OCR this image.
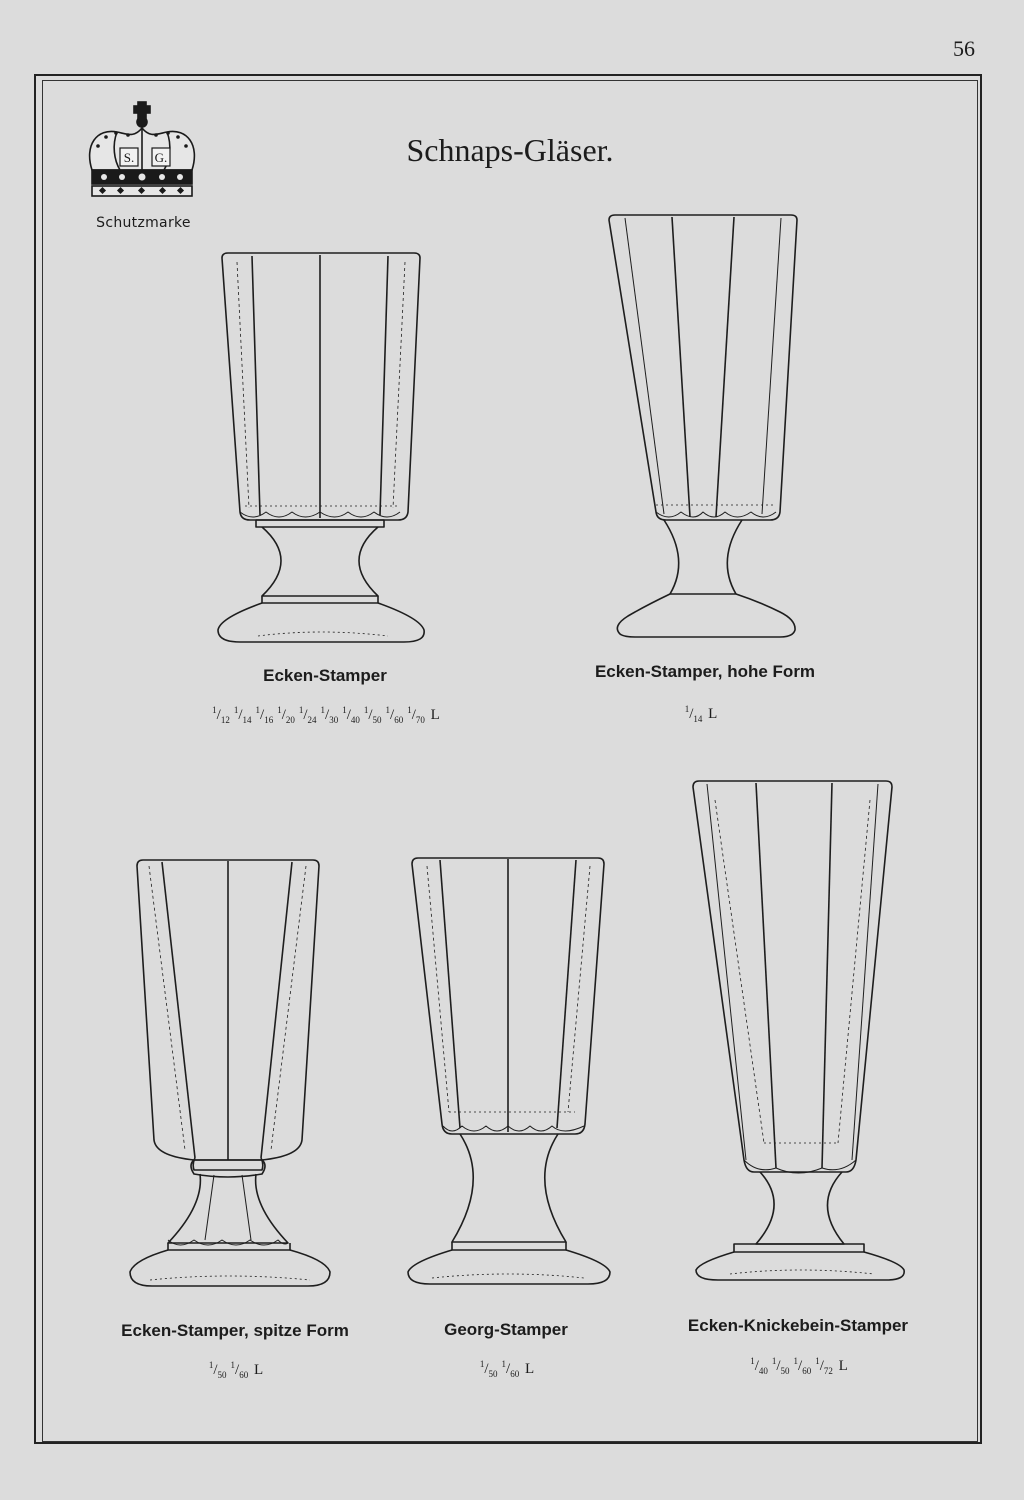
56
S. G.
Schutzmarke
Schnaps-Gläser.
Ecken-Stamper
$^1/_{12}^1/_{14}^1/_{16}^1/_{20}^1/_{24}^1/_{30}^1/_{40}^1/_{50}^1/_{60}^1/_{70}$ L
Ecken-Stamper, hohe Form
$^1/_{14}$ L
Ecken-Stamper, spitze Form
$^1/_{50}^1/_{60}$ L
Georg-Stamper
$^1/_{50}^1/_{60}$ L
Ecken-Knickebein-Stamper
$^1/_{40}^1/_{50}^1/_{60}^1/_{72}$ L
